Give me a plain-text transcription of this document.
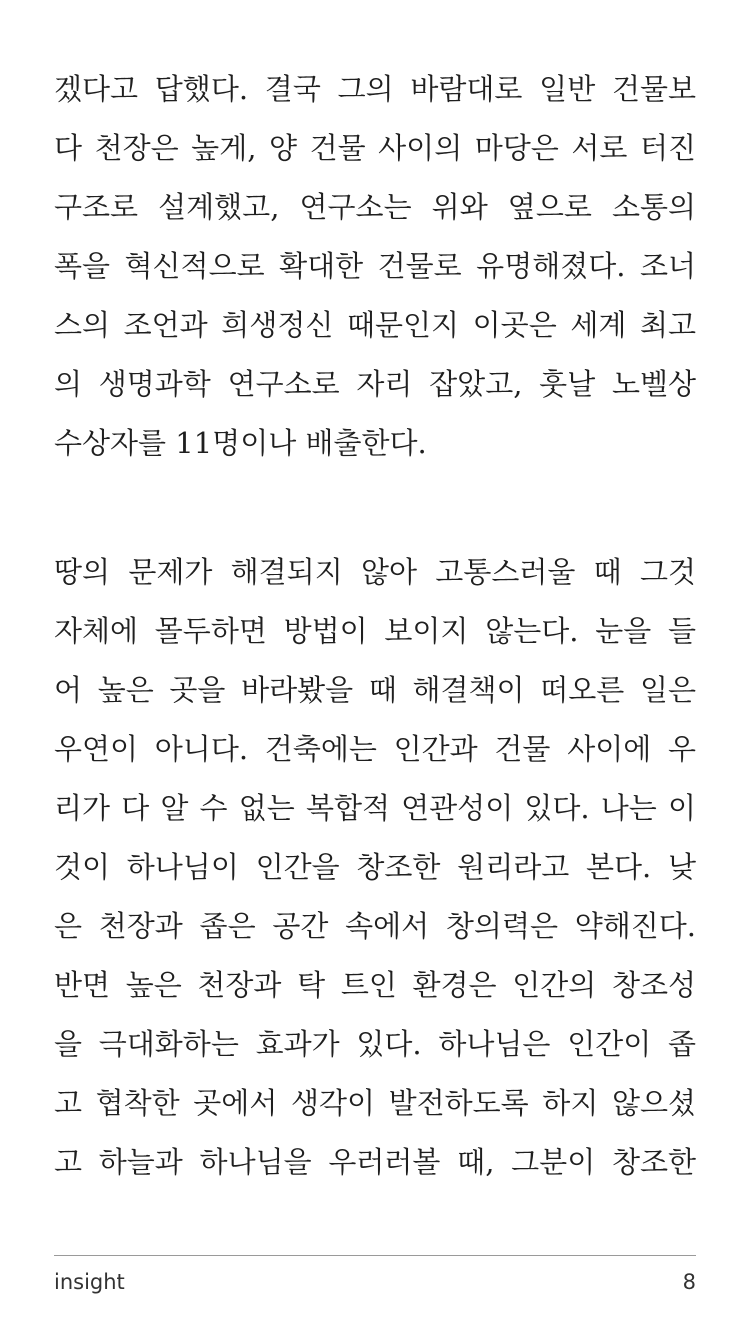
겠다고 답했다. 결국 그의 바람대로 일반 건물보
다 천장은 높게, 양 건물 사이의 마당은 서로 터진
구조로 설계했고, 연구소는 위와 옆으로 소통의
폭을 혁신적으로 확대한 건물로 유명해졌다. 조너
스의 조언과 희생정신 때문인지 이곳은 세계 최고
의 생명과학 연구소로 자리 잡았고, 훗날 노벨상
수상자를 11명이나 배출한다.
땅의 문제가 해결되지 않아 고통스러울 때 그것
자체에 몰두하면 방법이 보이지 않는다. 눈을 들
어 높은 곳을 바라봤을 때 해결책이 떠오른 일은
우연이 아니다. 건축에는 인간과 건물 사이에 우
리가 다 알 수 없는 복합적 연관성이 있다. 나는 이
것이 하나님이 인간을 창조한 원리라고 본다. 낮
은 천장과 좁은 공간 속에서 창의력은 약해진다.
반면 높은 천장과 탁 트인 환경은 인간의 창조성
을 극대화하는 효과가 있다. 하나님은 인간이 좁
고 협착한 곳에서 생각이 발전하도록 하지 않으셨
고 하늘과 하나님을 우러러볼 때, 그분이 창조한
insight	8
